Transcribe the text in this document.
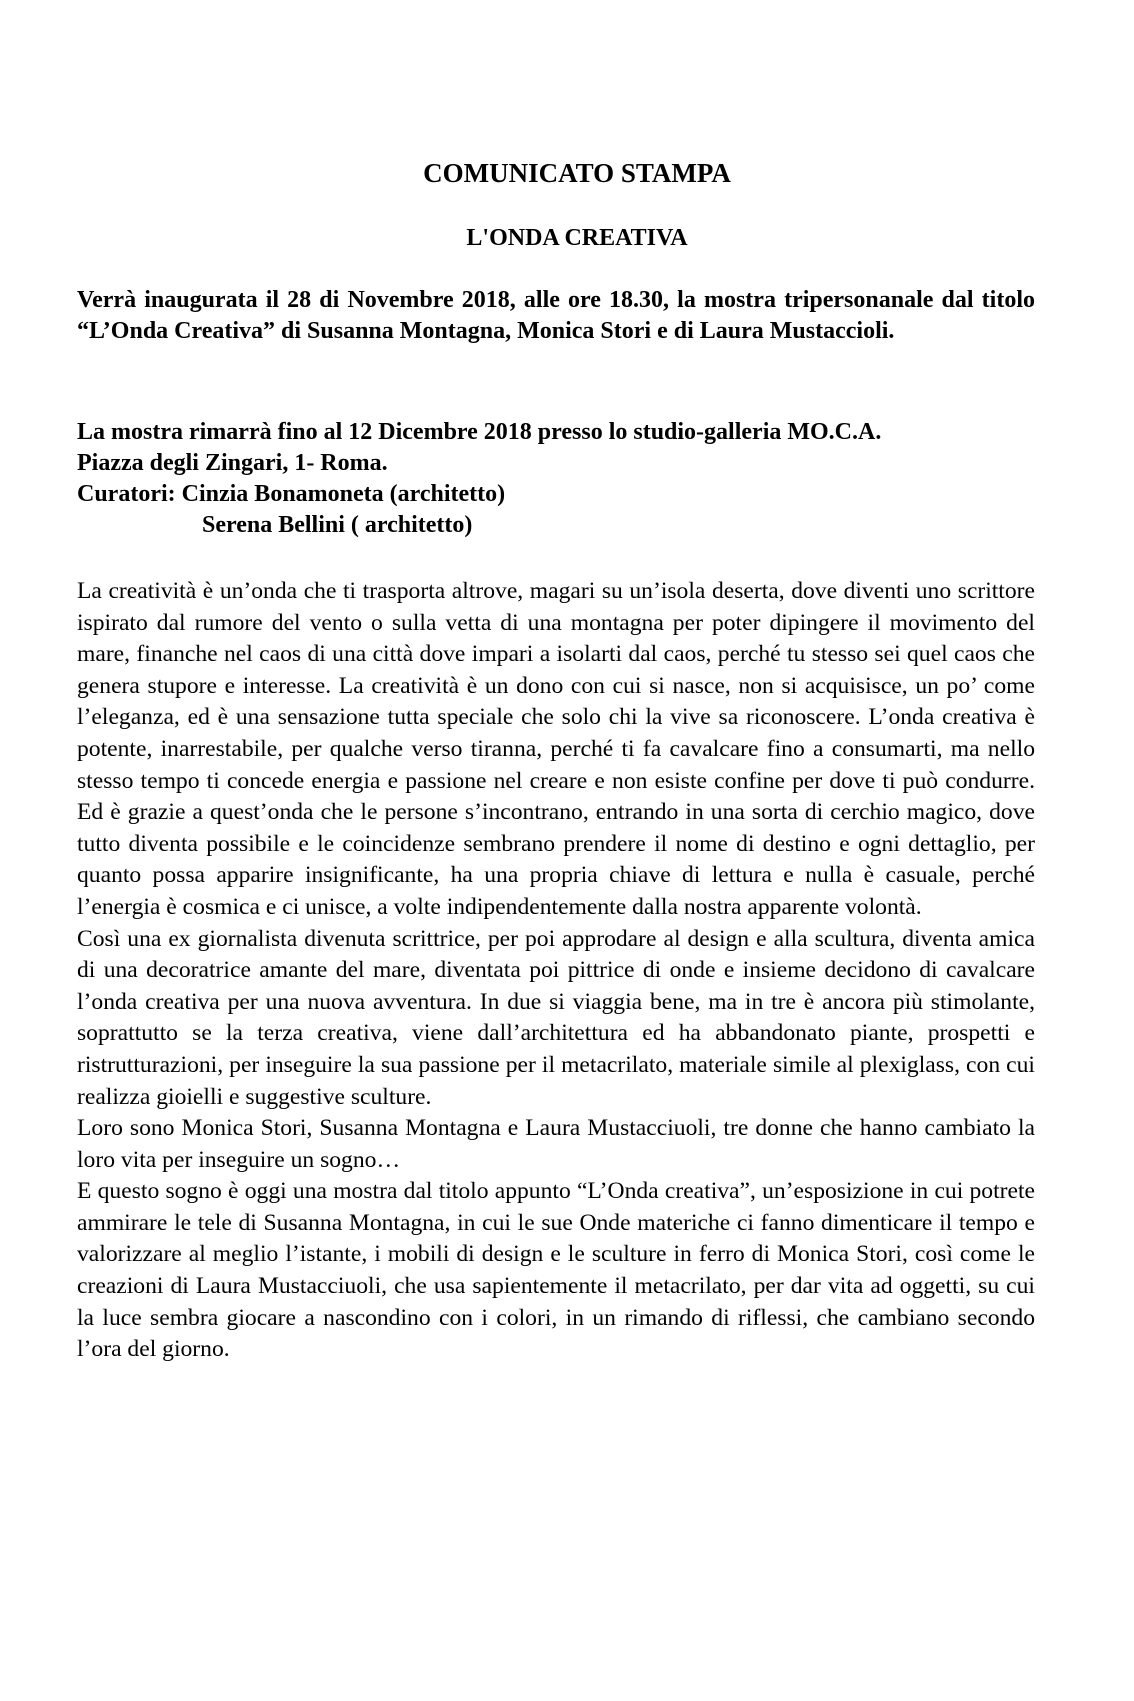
COMUNICATO STAMPA
L'ONDA CREATIVA

Verrà inaugurata il 28 di Novembre 2018, alle ore 18.30, la mostra tripersonanale dal titolo “L’Onda Creativa” di Susanna Montagna, Monica Stori e di Laura Mustaccioli.

La mostra rimarrà fino al 12 Dicembre 2018 presso lo studio-galleria MO.C.A.
Piazza degli Zingari, 1- Roma.
Curatori: Cinzia Bonamoneta (architetto)
Serena Bellini ( architetto)

La creatività è un’onda che ti trasporta altrove, magari su un’isola deserta, dove diventi uno scrittore ispirato dal rumore del vento o sulla vetta di una montagna per poter dipingere il movimento del mare, finanche nel caos di una città dove impari a isolarti dal caos, perché tu stesso sei quel caos che genera stupore e interesse. La creatività è un dono con cui si nasce, non si acquisisce, un po’ come l’eleganza, ed è una sensazione tutta speciale che solo chi la vive sa riconoscere. L’onda creativa è potente, inarrestabile, per qualche verso tiranna, perché ti fa cavalcare fino a consumarti, ma nello stesso tempo ti concede energia e passione nel creare e non esiste confine per dove ti può condurre. Ed è grazie a quest’onda che le persone s’incontrano, entrando in una sorta di cerchio magico, dove tutto diventa possibile e le coincidenze sembrano prendere il nome di destino e ogni dettaglio, per quanto possa apparire insignificante, ha una propria chiave di lettura e nulla è casuale, perché l’energia è cosmica e ci unisce, a volte indipendentemente dalla nostra apparente volontà.

Così una ex giornalista divenuta scrittrice, per poi approdare al design e alla scultura, diventa amica di una decoratrice amante del mare, diventata poi pittrice di onde e insieme decidono di cavalcare l’onda creativa per una nuova avventura. In due si viaggia bene, ma in tre è ancora più stimolante, soprattutto se la terza creativa, viene dall’architettura ed ha abbandonato piante, prospetti e ristrutturazioni, per inseguire la sua passione per il metacrilato, materiale simile al plexiglass, con cui realizza gioielli e suggestive sculture.

Loro sono Monica Stori, Susanna Montagna e Laura Mustacciuoli, tre donne che hanno cambiato la loro vita per inseguire un sogno…

E questo sogno è oggi una mostra dal titolo appunto “L’Onda creativa”, un’esposizione in cui potrete ammirare le tele di Susanna Montagna, in cui le sue Onde materiche ci fanno dimenticare il tempo e valorizzare al meglio l’istante, i mobili di design e le sculture in ferro di Monica Stori, così come le creazioni di Laura Mustacciuoli, che usa sapientemente il metacrilato, per dar vita ad oggetti, su cui la luce sembra giocare a nascondino con i colori, in un rimando di riflessi, che cambiano secondo l’ora del giorno.
